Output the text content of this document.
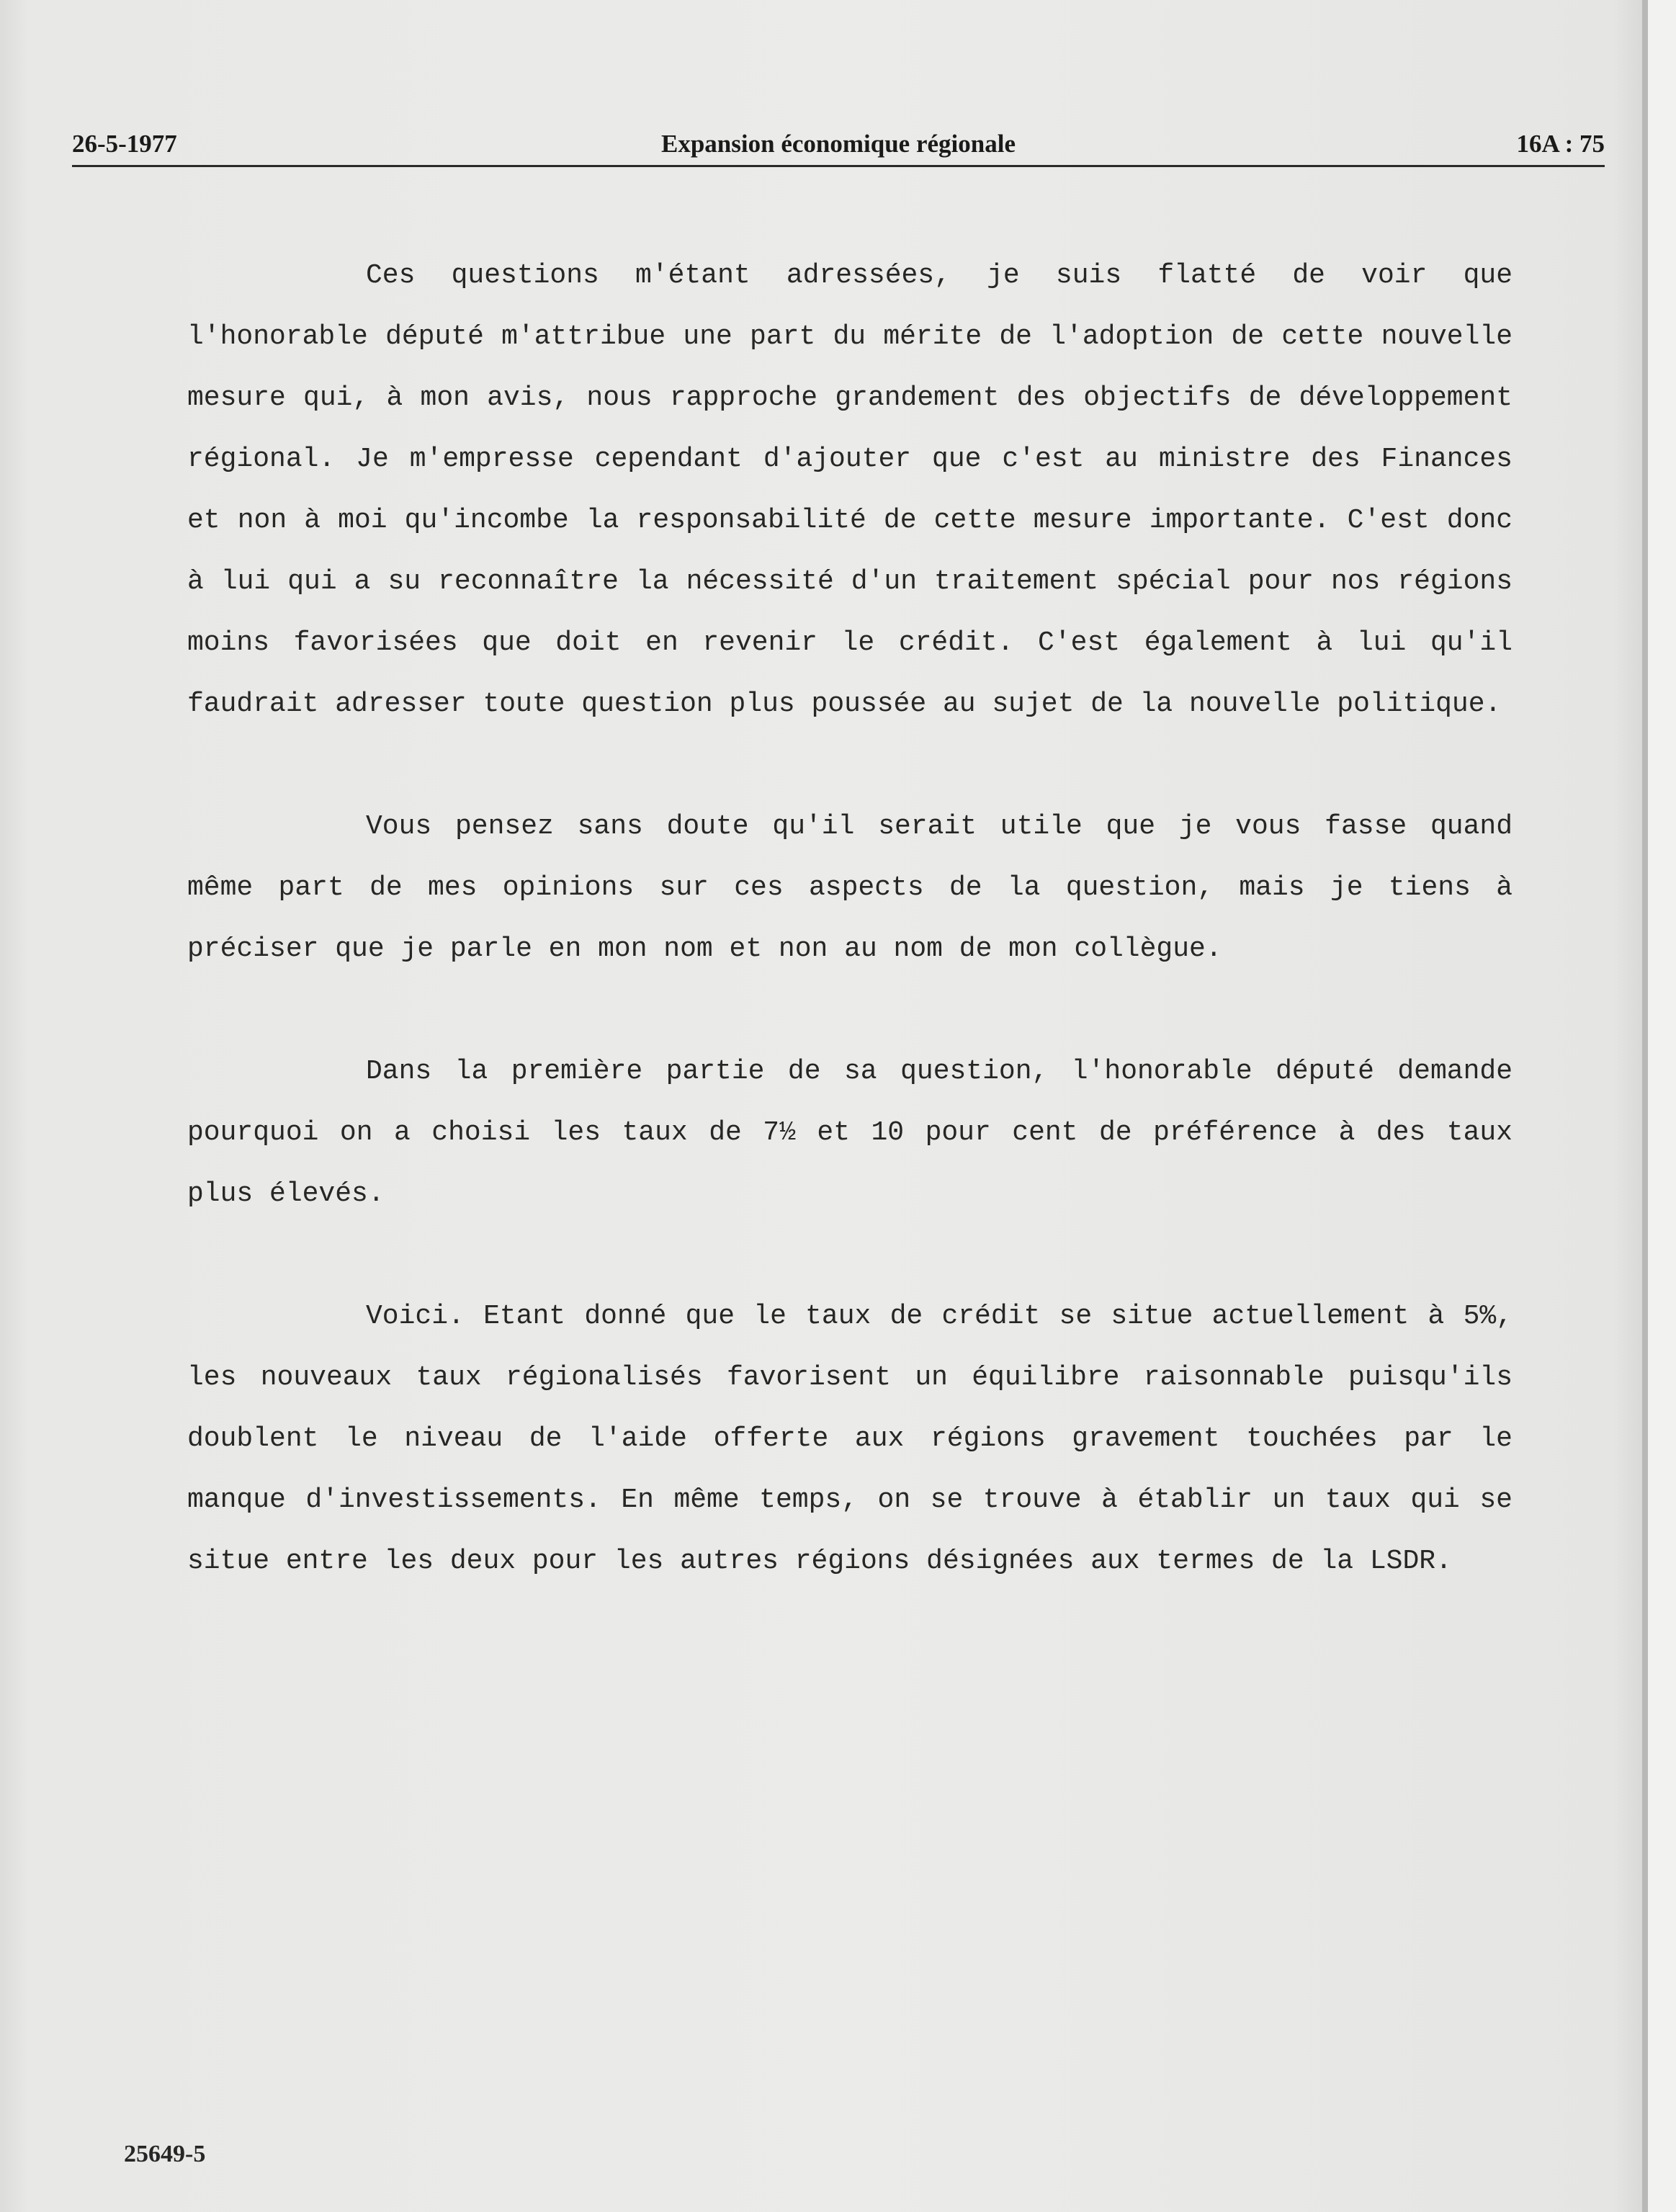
26-5-1977	Expansion économique régionale	16A : 75

Ces questions m'étant adressées, je suis flatté de voir que l'honorable député m'attribue une part du mérite de l'adoption de cette nouvelle mesure qui, à mon avis, nous rapproche grandement des objectifs de développement régional. Je m'empresse cependant d'ajouter que c'est au ministre des Finances et non à moi qu'incombe la responsabilité de cette mesure importante. C'est donc à lui qui a su reconnaître la nécessité d'un traitement spécial pour nos régions moins favorisées que doit en revenir le crédit. C'est également à lui qu'il faudrait adresser toute question plus poussée au sujet de la nouvelle politique.

Vous pensez sans doute qu'il serait utile que je vous fasse quand même part de mes opinions sur ces aspects de la question, mais je tiens à préciser que je parle en mon nom et non au nom de mon collègue.

Dans la première partie de sa question, l'honorable député demande pourquoi on a choisi les taux de 7½ et 10 pour cent de préférence à des taux plus élevés.

Voici. Etant donné que le taux de crédit se situe actuellement à 5%, les nouveaux taux régionalisés favorisent un équilibre raisonnable puisqu'ils doublent le niveau de l'aide offerte aux régions gravement touchées par le manque d'investissements. En même temps, on se trouve à établir un taux qui se situe entre les deux pour les autres régions désignées aux termes de la LSDR.

25649-5
